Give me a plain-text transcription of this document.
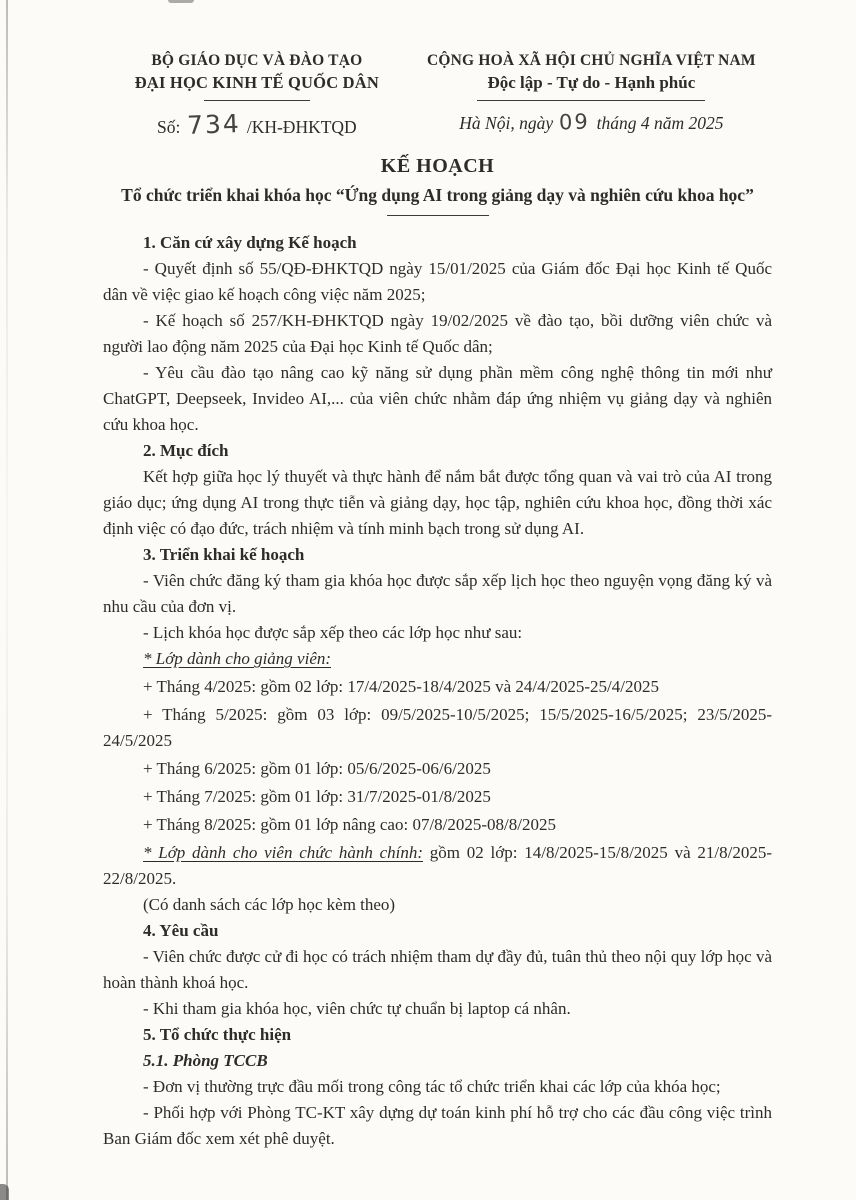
BỘ GIÁO DỤC VÀ ĐÀO TẠO
ĐẠI HỌC KINH TẾ QUỐC DÂN
Số: 734 /KH-ĐHKTQD
CỘNG HOÀ XÃ HỘI CHỦ NGHĨA VIỆT NAM
Độc lập - Tự do - Hạnh phúc
Hà Nội, ngày 09 tháng 4 năm 2025
KẾ HOẠCH
Tổ chức triển khai khóa học “Ứng dụng AI trong giảng dạy và nghiên cứu khoa học”

1. Căn cứ xây dựng Kế hoạch

- Quyết định số 55/QĐ-ĐHKTQD ngày 15/01/2025 của Giám đốc Đại học Kinh tế Quốc dân về việc giao kế hoạch công việc năm 2025;

- Kế hoạch số 257/KH-ĐHKTQD ngày 19/02/2025 về đào tạo, bồi dưỡng viên chức và người lao động năm 2025 của Đại học Kinh tế Quốc dân;

- Yêu cầu đào tạo nâng cao kỹ năng sử dụng phần mềm công nghệ thông tin mới như ChatGPT, Deepseek, Invideo AI,... của viên chức nhằm đáp ứng nhiệm vụ giảng dạy và nghiên cứu khoa học.

2. Mục đích

Kết hợp giữa học lý thuyết và thực hành để nắm bắt được tổng quan và vai trò của AI trong giáo dục; ứng dụng AI trong thực tiễn và giảng dạy, học tập, nghiên cứu khoa học, đồng thời xác định việc có đạo đức, trách nhiệm và tính minh bạch trong sử dụng AI.

3. Triển khai kế hoạch

- Viên chức đăng ký tham gia khóa học được sắp xếp lịch học theo nguyện vọng đăng ký và nhu cầu của đơn vị.

- Lịch khóa học được sắp xếp theo các lớp học như sau:

* Lớp dành cho giảng viên:

+ Tháng 4/2025: gồm 02 lớp: 17/4/2025-18/4/2025 và 24/4/2025-25/4/2025

+ Tháng 5/2025: gồm 03 lớp: 09/5/2025-10/5/2025; 15/5/2025-16/5/2025; 23/5/2025-24/5/2025

+ Tháng 6/2025: gồm 01 lớp: 05/6/2025-06/6/2025

+ Tháng 7/2025: gồm 01 lớp: 31/7/2025-01/8/2025

+ Tháng 8/2025: gồm 01 lớp nâng cao: 07/8/2025-08/8/2025

* Lớp dành cho viên chức hành chính: gồm 02 lớp: 14/8/2025-15/8/2025 và 21/8/2025-22/8/2025.

(Có danh sách các lớp học kèm theo)

4. Yêu cầu

- Viên chức được cử đi học có trách nhiệm tham dự đầy đủ, tuân thủ theo nội quy lớp học và hoàn thành khoá học.

- Khi tham gia khóa học, viên chức tự chuẩn bị laptop cá nhân.

5. Tổ chức thực hiện

5.1. Phòng TCCB

- Đơn vị thường trực đầu mối trong công tác tổ chức triển khai các lớp của khóa học;

- Phối hợp với Phòng TC-KT xây dựng dự toán kinh phí hỗ trợ cho các đầu công việc trình Ban Giám đốc xem xét phê duyệt.
